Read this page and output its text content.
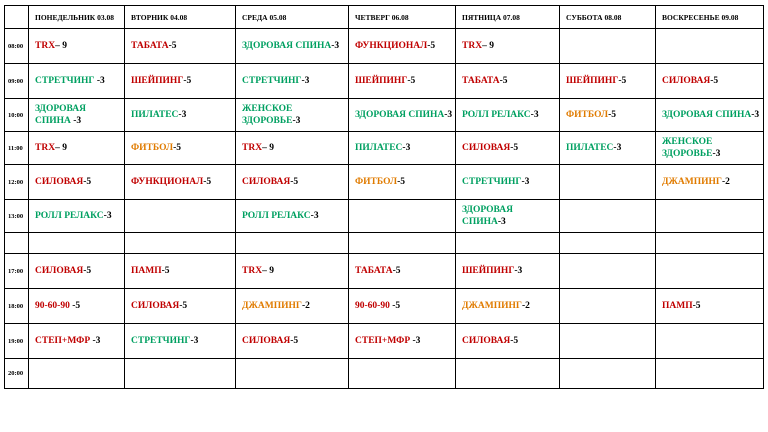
	ПОНЕДЕЛЬНИК 03.08	ВТОРНИК 04.08	СРЕДА 05.08	ЧЕТВЕРГ 06.08	ПЯТНИЦА 07.08	СУББОТА 08.08	ВОСКРЕСЕНЬЕ 09.08
08:00	ТRХ– 9	ТАБАТА-5	ЗДОРОВАЯ СПИНА-3	ФУНКЦИОНАЛ-5	ТRХ– 9		
09:00	СТРЕТЧИНГ -3	ШЕЙПИНГ-5	СТРЕТЧИНГ-3	ШЕЙПИНГ-5	ТАБАТА-5	ШЕЙПИНГ-5	СИЛОВАЯ-5
10:00	ЗДОРОВАЯ СПИНА -3	ПИЛАТЕС-3	ЖЕНСКОЕ ЗДОРОВЬЕ-3	ЗДОРОВАЯ СПИНА-3	РОЛЛ РЕЛАКС-3	ФИТБОЛ-5	ЗДОРОВАЯ СПИНА-3
11:00	ТRХ– 9	ФИТБОЛ-5	ТRХ– 9	ПИЛАТЕС-3	СИЛОВАЯ-5	ПИЛАТЕС-3	ЖЕНСКОЕ ЗДОРОВЬЕ-3
12:00	СИЛОВАЯ-5	ФУНКЦИОНАЛ-5	СИЛОВАЯ-5	ФИТБОЛ-5	СТРЕТЧИНГ-3		ДЖАМПИНГ-2
13:00	РОЛЛ РЕЛАКС-3		РОЛЛ РЕЛАКС-3		ЗДОРОВАЯ СПИНА-3		

17:00	СИЛОВАЯ-5	ПАМП-5	ТRХ– 9	ТАБАТА-5	ШЕЙПИНГ-3		
18:00	90-60-90 -5	СИЛОВАЯ-5	ДЖАМПИНГ-2	90-60-90 -5	ДЖАМПИНГ-2		ПАМП-5
19:00	СТЕП+МФР -3	СТРЕТЧИНГ-3	СИЛОВАЯ-5	СТЕП+МФР -3	СИЛОВАЯ-5		
20:00							
